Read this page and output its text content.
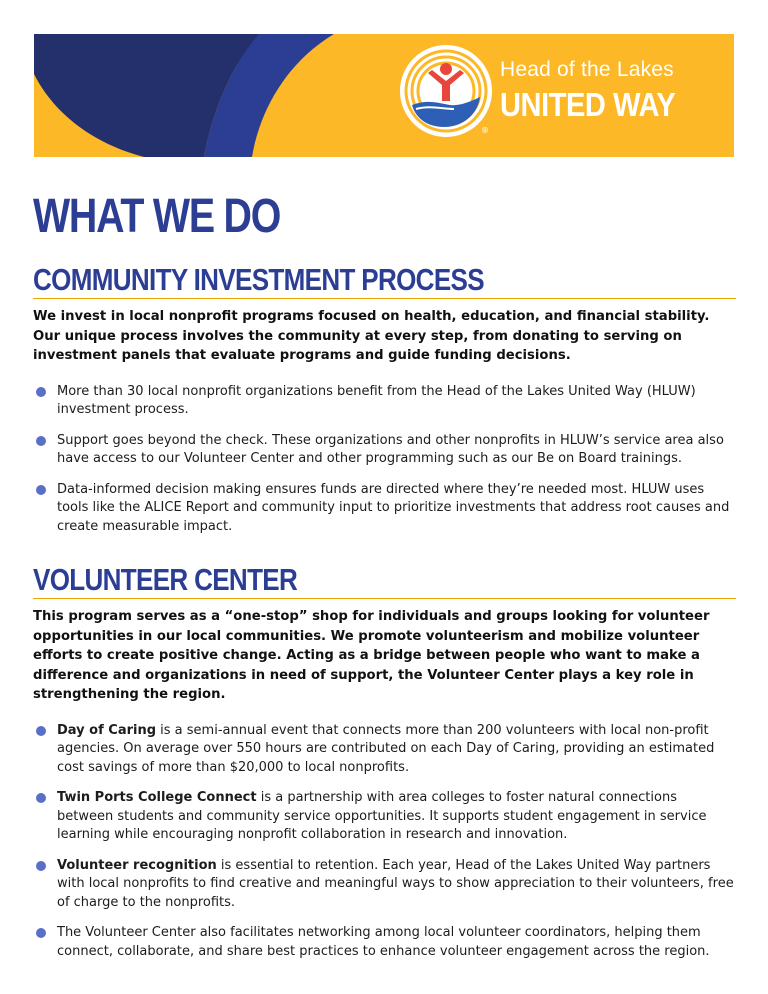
®
Head of the Lakes
UNITED WAY
WHAT WE DO
COMMUNITY INVESTMENT PROCESS

We invest in local nonprofit programs focused on health, education, and financial stability. Our unique process involves the community at every step, from donating to serving on investment panels that evaluate programs and guide funding decisions.

More than 30 local nonprofit organizations benefit from the Head of the Lakes United Way (HLUW) investment process.
Support goes beyond the check. These organizations and other nonprofits in HLUW’s service area also have access to our Volunteer Center and other programming such as our Be on Board trainings.
Data-informed decision making ensures funds are directed where they’re needed most. HLUW uses tools like the ALICE Report and community input to prioritize investments that address root causes and create measurable impact.
VOLUNTEER CENTER

This program serves as a “one-stop” shop for individuals and groups looking for volunteer opportunities in our local communities. We promote volunteerism and mobilize volunteer efforts to create positive change. Acting as a bridge between people who want to make a difference and organizations in need of support, the Volunteer Center plays a key role in strengthening the region.

Day of Caring is a semi-annual event that connects more than 200 volunteers with local non-profit agencies. On average over 550 hours are contributed on each Day of Caring, providing an estimated cost savings of more than $20,000 to local nonprofits.
Twin Ports College Connect is a partnership with area colleges to foster natural connections between students and community service opportunities. It supports student engagement in service learning while encouraging nonprofit collaboration in research and innovation.
Volunteer recognition is essential to retention. Each year, Head of the Lakes United Way partners with local nonprofits to find creative and meaningful ways to show appreciation to their volunteers, free of charge to the nonprofits.
The Volunteer Center also facilitates networking among local volunteer coordinators, helping them connect, collaborate, and share best practices to enhance volunteer engagement across the region.
